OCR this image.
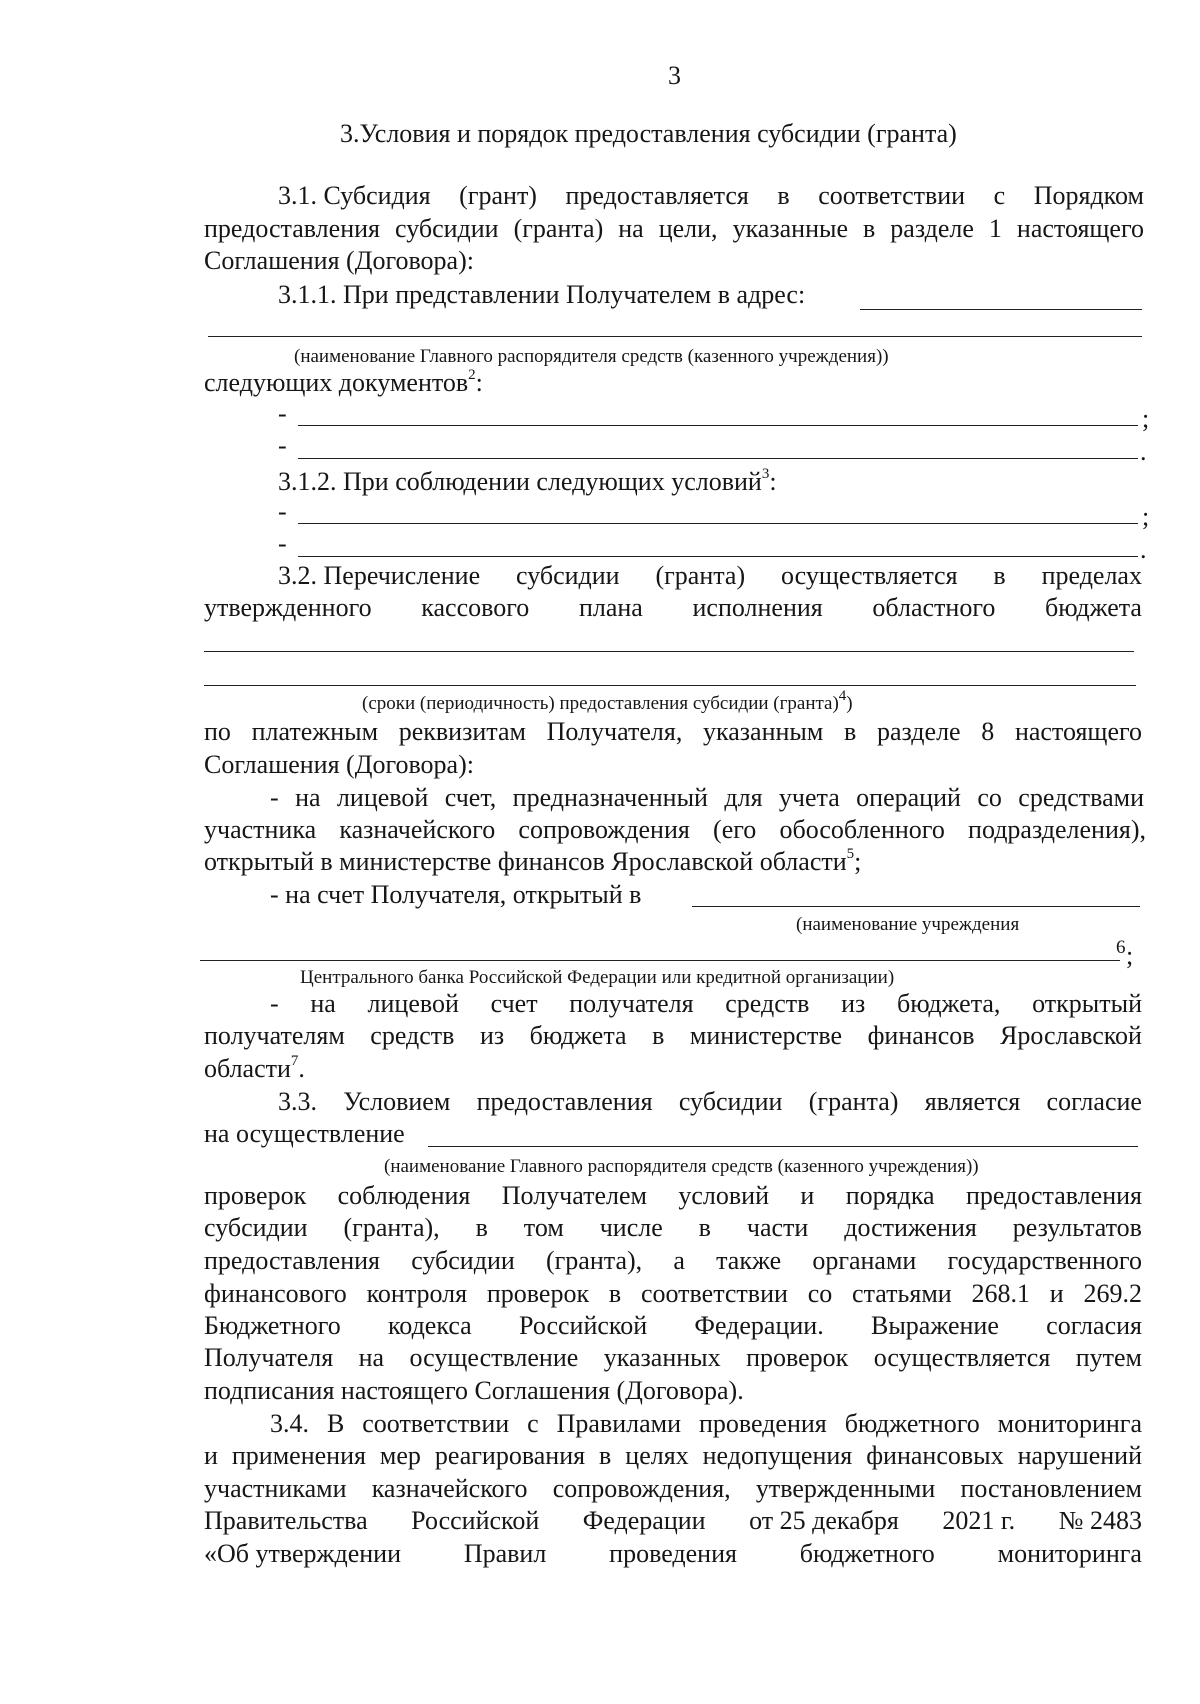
3
3.Условия и порядок предоставления субсидии (гранта)
3.1. Субсидия (грант) предоставляется в соответствии с Порядком
предоставления субсидии (гранта) на цели, указанные в разделе 1 настоящего
Соглашения (Договора):
3.1.1. При представлении Получателем в адрес:
(наименование Главного распорядителя средств (казенного учреждения))
следующих документов$^2$:
-	;
-	.
3.1.2. При соблюдении следующих условий$^3$:
-	;
-	.
3.2. Перечисление субсидии (гранта) осуществляется в пределах
утвержденного кассового плана исполнения областного бюджета
(сроки (периодичность) предоставления субсидии (гранта)$^4$)
по платежным реквизитам Получателя, указанным в разделе 8 настоящего
Соглашения (Договора):
- на лицевой счет, предназначенный для учета операций со средствами
участника казначейского сопровождения (его обособленного подразделения),
открытый в министерстве финансов Ярославской области$^5$;
- на счет Получателя, открытый в
(наименование учреждения
6 ;
Центрального банка Российской Федерации или кредитной организации)
- на лицевой счет получателя средств из бюджета, открытый
получателям средств из бюджета в министерстве финансов Ярославской
области$^7$.
3.3. Условием предоставления субсидии (гранта) является согласие
на осуществление
(наименование Главного распорядителя средств (казенного учреждения))
проверок соблюдения Получателем условий и порядка предоставления
субсидии (гранта), в том числе в части достижения результатов
предоставления субсидии (гранта), а также органами государственного
финансового контроля проверок в соответствии со статьями 268.1 и 269.2
Бюджетного кодекса Российской Федерации. Выражение согласия
Получателя на осуществление указанных проверок осуществляется путем
подписания настоящего Соглашения (Договора).
3.4. В соответствии с Правилами проведения бюджетного мониторинга
и применения мер реагирования в целях недопущения финансовых нарушений
участниками казначейского сопровождения, утвержденными постановлением
Правительства Российской Федерации от 25 декабря 2021 г. № 2483
«Об утверждении Правил проведения бюджетного мониторинга
